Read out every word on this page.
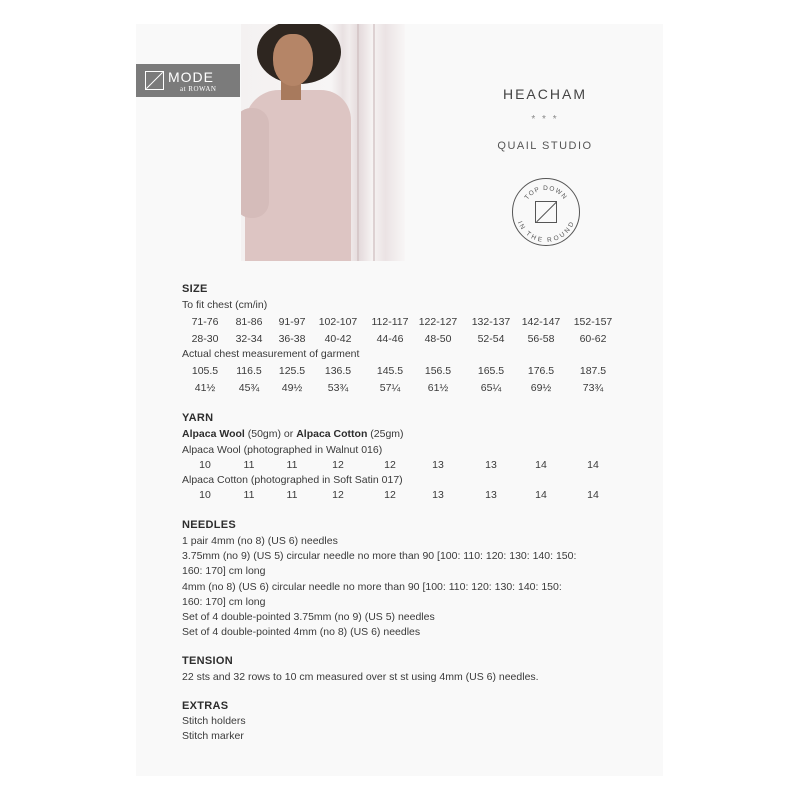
MODE
at ROWAN	HEACHAM
* * *
QUAIL STUDIO
TOP DOWN
IN THE ROUND
SIZE
To fit chest (cm/in)
71-76	81-86	91-97	102-107	112-117 122-127 132-137 142-147 152-157
28-30	32-34	36-38	40-42	44-46	48-50	52-54	56-58	60-62
Actual chest measurement of garment
105.5	116.5	125.5	136.5	145.5	156.5	165.5	176.5	187.5
41½	45¾	49½	53¾	57¼	61½	65¼	69½	73¾
YARN
Alpaca Wool (50gm) or Alpaca Cotton (25gm)
Alpaca Wool (photographed in Walnut 016)
10	11	11	12	12	13	13	14	14
Alpaca Cotton (photographed in Soft Satin 017)
10	11	11	12	12	13	13	14	14
NEEDLES
1 pair 4mm (no 8) (US 6) needles
3.75mm (no 9) (US 5) circular needle no more than 90 [100: 110: 120: 130: 140: 150:
160: 170] cm long
4mm (no 8) (US 6) circular needle no more than 90 [100: 110: 120: 130: 140: 150:
160: 170] cm long
Set of 4 double-pointed 3.75mm (no 9) (US 5) needles
Set of 4 double-pointed 4mm (no 8) (US 6) needles
TENSION
22 sts and 32 rows to 10 cm measured over st st using 4mm (US 6) needles.
EXTRAS
Stitch holders
Stitch marker
